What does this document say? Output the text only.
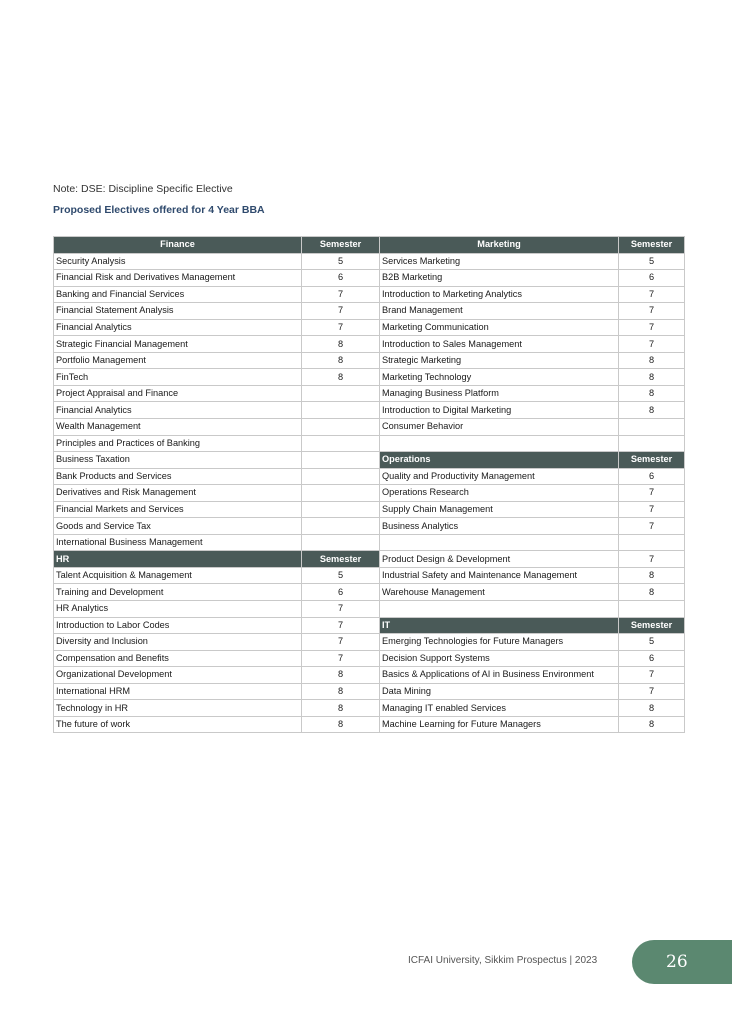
Note: DSE: Discipline Specific Elective
Proposed Electives offered for 4 Year BBA
Finance	Semester	Marketing	Semester
Security Analysis	5	Services Marketing	5
Financial Risk and Derivatives Management	6	B2B Marketing	6
Banking and Financial Services	7	Introduction to Marketing Analytics	7
Financial Statement Analysis	7	Brand Management	7
Financial Analytics	7	Marketing Communication	7
Strategic Financial Management	8	Introduction to Sales Management	7
Portfolio Management	8	Strategic Marketing	8
FinTech	8	Marketing Technology	8
Project Appraisal and Finance		Managing Business Platform	8
Financial Analytics		Introduction to Digital Marketing	8
Wealth Management		Consumer Behavior	
Principles and Practices of Banking			
Business Taxation		Operations	Semester
Bank Products and Services		Quality and Productivity Management	6
Derivatives and Risk Management		Operations Research	7
Financial Markets and Services		Supply Chain Management	7
Goods and Service Tax		Business Analytics	7
International Business Management			
HR	Semester	Product Design & Development	7
Talent Acquisition & Management	5	Industrial Safety and Maintenance Management	8
Training and Development	6	Warehouse Management	8
HR Analytics	7		
Introduction to Labor Codes	7	IT	Semester
Diversity and Inclusion	7	Emerging Technologies for Future Managers	5
Compensation and Benefits	7	Decision Support Systems	6
Organizational Development	8	Basics & Applications of AI in Business Environment	7
International HRM	8	Data Mining	7
Technology in HR	8	Managing IT enabled Services	8
The future of work	8	Machine Learning for Future Managers	8
ICFAI University, Sikkim Prospectus | 2023	26
